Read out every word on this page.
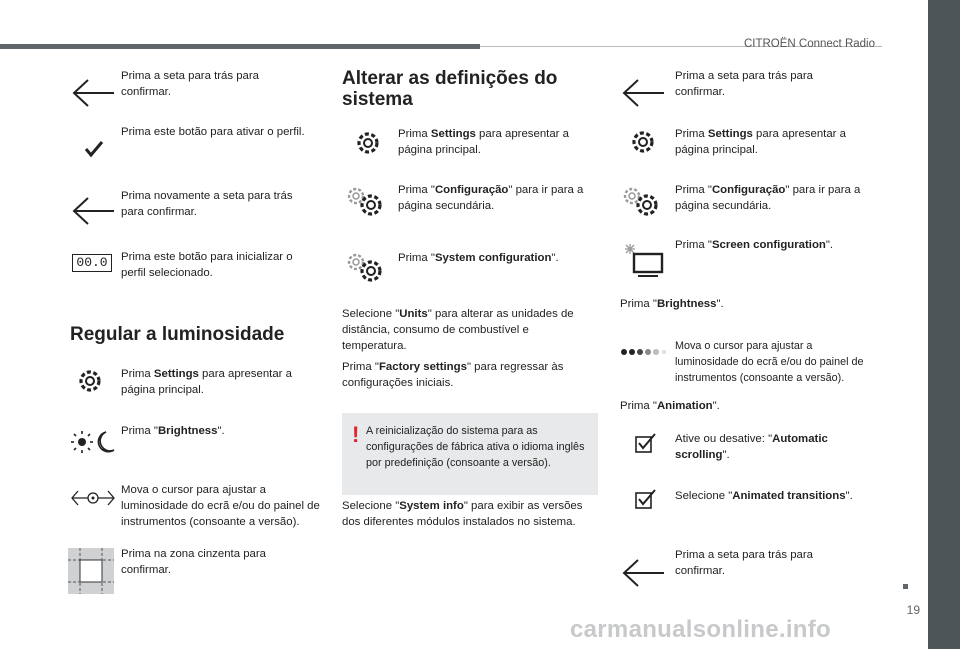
CITROËN Connect Radio
19
carmanualsonline.info
Prima a seta para trás para confirmar.
Prima este botão para ativar o perfil.
Prima novamente a seta para trás para confirmar.
00.0	Prima este botão para inicializar o perfil selecionado.
Regular a luminosidade
Prima Settings para apresentar a página principal.
Prima "Brightness".
Mova o cursor para ajustar a luminosidade do ecrã e/ou do painel de instrumentos (consoante a versão).
Prima na zona cinzenta para confirmar.
Alterar as definições do sistema
Prima Settings para apresentar a página principal.
Prima "Configuração" para ir para a página secundária.
Prima "System configuration".
Selecione "Units" para alterar as unidades de distância, consumo de combustível e temperatura.
Prima "Factory settings" para regressar às configurações iniciais.
! A reinicialização do sistema para as configurações de fábrica ativa o idioma inglês por predefinição (consoante a versão).
Selecione "System info" para exibir as versões dos diferentes módulos instalados no sistema.
Prima a seta para trás para confirmar.
Prima Settings para apresentar a página principal.
Prima "Configuração" para ir para a página secundária.
Prima "Screen configuration".
Prima "Brightness".
Mova o cursor para ajustar a luminosidade do ecrã e/ou do painel de instrumentos (consoante a versão).
Prima "Animation".
Ative ou desative: "Automatic scrolling".
Selecione "Animated transitions".
Prima a seta para trás para confirmar.
